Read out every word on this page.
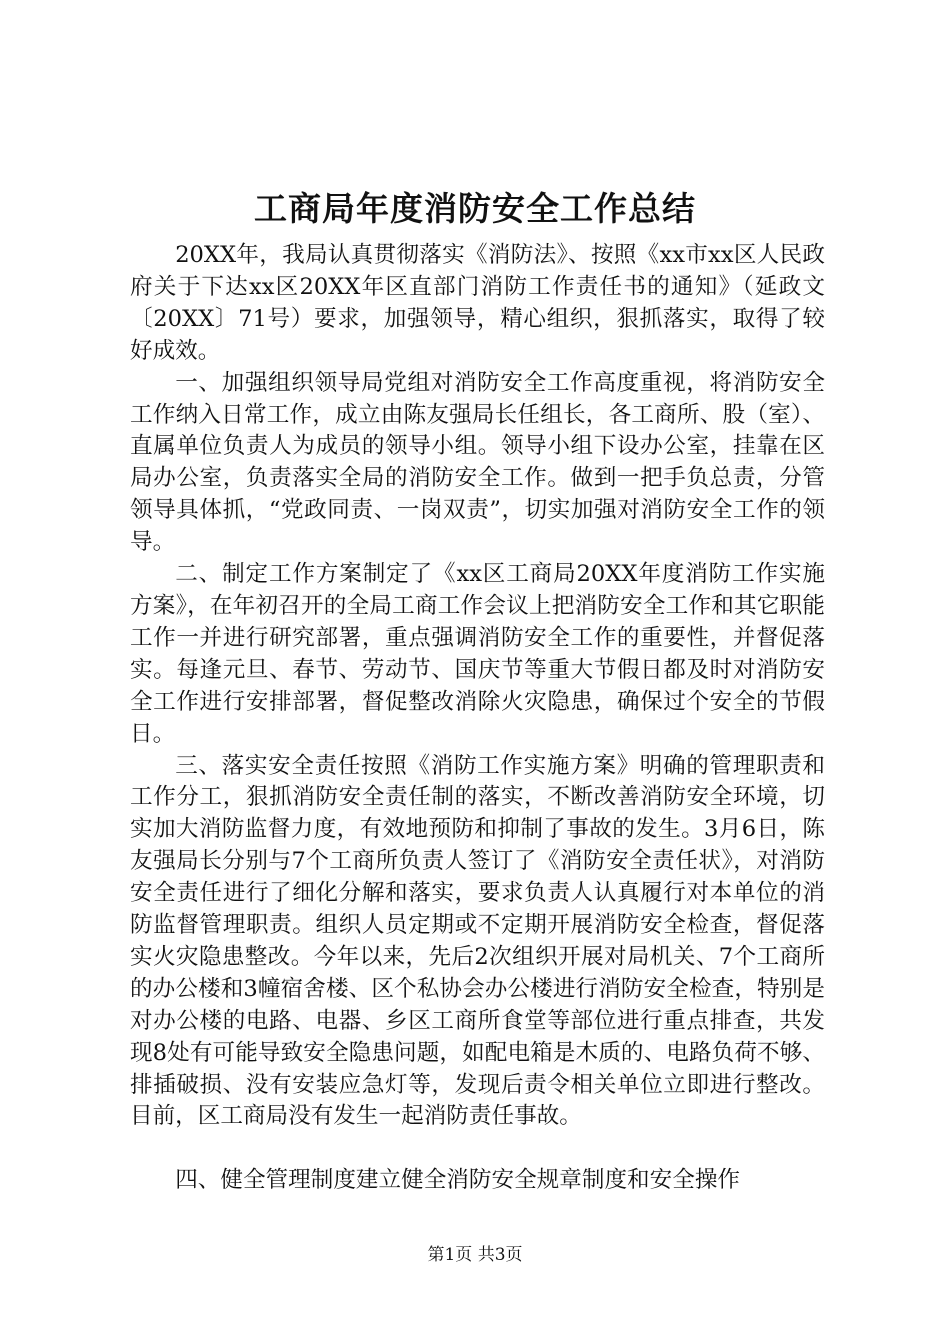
工商局年度消防安全工作总结

20XX年，我局认真贯彻落实《消防法》、按照《xx市xx区人民政府关于下达xx区20XX年区直部门消防工作责任书的通知》（延政文〔20XX〕71号）要求，加强领导，精心组织，狠抓落实，取得了较好成效。

一、加强组织领导局党组对消防安全工作高度重视，将消防安全工作纳入日常工作，成立由陈友强局长任组长，各工商所、股（室）、直属单位负责人为成员的领导小组。领导小组下设办公室，挂靠在区局办公室，负责落实全局的消防安全工作。做到一把手负总责，分管领导具体抓，“党政同责、一岗双责”，切实加强对消防安全工作的领导。

二、制定工作方案制定了《xx区工商局20XX年度消防工作实施方案》，在年初召开的全局工商工作会议上把消防安全工作和其它职能工作一并进行研究部署，重点强调消防安全工作的重要性，并督促落实。每逢元旦、春节、劳动节、国庆节等重大节假日都及时对消防安全工作进行安排部署，督促整改消除火灾隐患，确保过个安全的节假日。

三、落实安全责任按照《消防工作实施方案》明确的管理职责和工作分工，狠抓消防安全责任制的落实，不断改善消防安全环境，切实加大消防监督力度，有效地预防和抑制了事故的发生。3月6日，陈友强局长分别与7个工商所负责人签订了《消防安全责任状》，对消防安全责任进行了细化分解和落实，要求负责人认真履行对本单位的消防监督管理职责。组织人员定期或不定期开展消防安全检查，督促落实火灾隐患整改。今年以来，先后2次组织开展对局机关、7个工商所的办公楼和3幢宿舍楼、区个私协会办公楼进行消防安全检查，特别是对办公楼的电路、电器、乡区工商所食堂等部位进行重点排查，共发现8处有可能导致安全隐患问题，如配电箱是木质的、电路负荷不够、排插破损、没有安装应急灯等，发现后责令相关单位立即进行整改。目前，区工商局没有发生一起消防责任事故。

四、健全管理制度建立健全消防安全规章制度和安全操作

第1页 共3页
